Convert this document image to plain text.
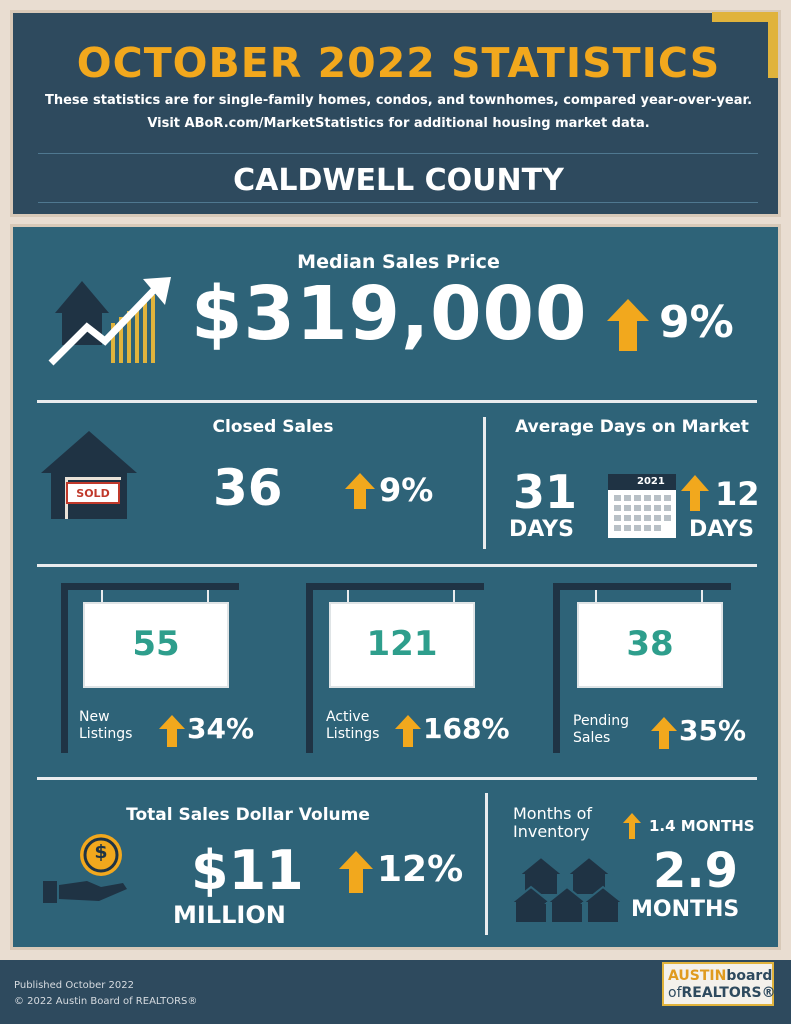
OCTOBER 2022 STATISTICS
These statistics are for single-family homes, condos, and townhomes, compared year-over-year.
Visit ABoR.com/MarketStatistics for additional housing market data.
CALDWELL COUNTY
Median Sales Price
$319,000 9%
SOLD
Closed Sales
36	9%
Average Days on Market
31
DAYS
2021 12
DAYS
55
New
Listings 34%
121
Active
Listings 168%
38
Pending
Sales	35%
Total Sales Dollar Volume
$ $11
MILLION
12%
Months of
Inventory	1.4 MONTHS
2.9
MONTHS
Published October 2022
© 2022 Austin Board of REALTORS®
AUSTINboard
ofREALTORS®
